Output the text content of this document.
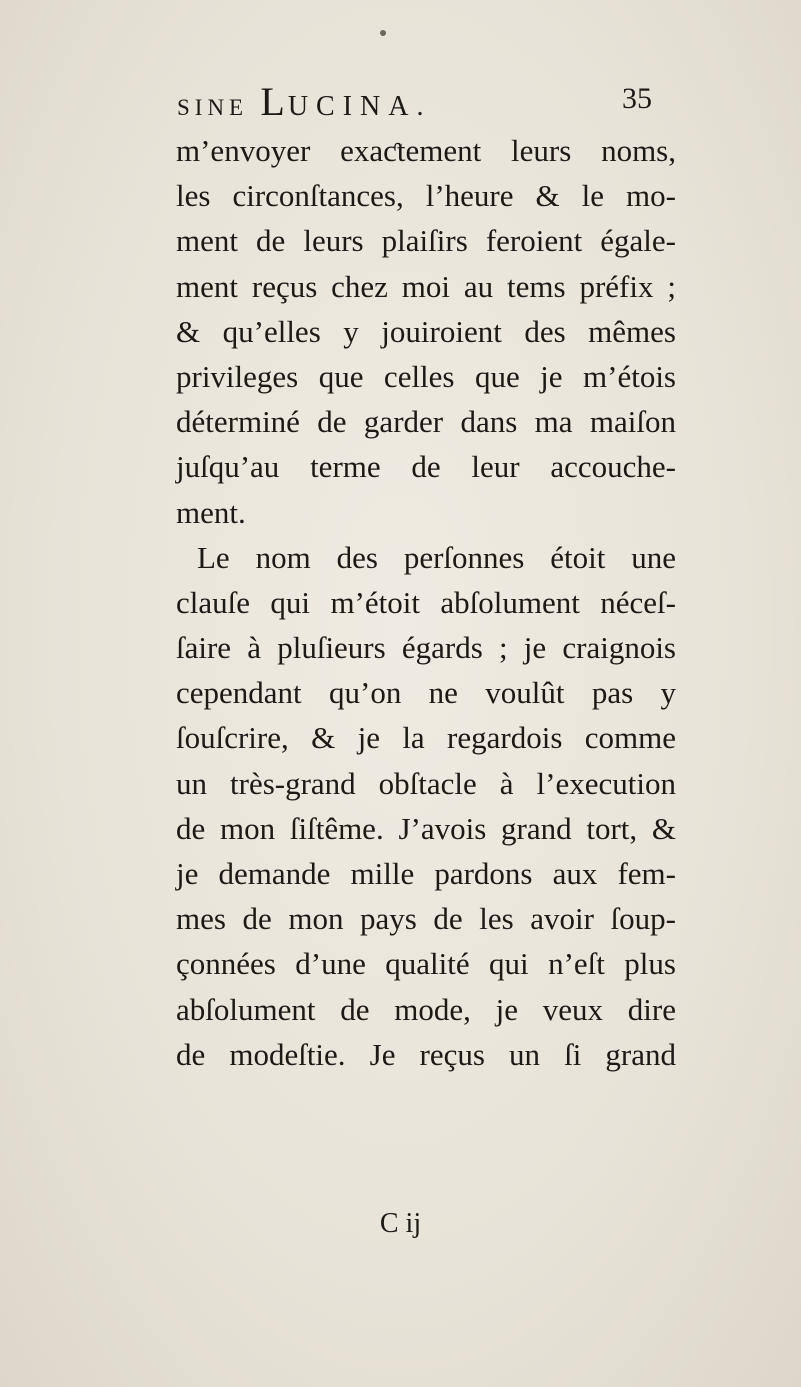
SINE LUCINA.	35
m’envoyer exaƈtement leurs noms,
les circonſtances, l’heure & le mo-
ment de leurs plaiſirs feroient égale-
ment reçus chez moi au tems préfix ;
& qu’elles y jouiroient des mêmes
privileges que celles que je m’étois
déterminé de garder dans ma maiſon
juſqu’au terme de leur accouche-
ment.
Le nom des perſonnes étoit une
clauſe qui m’étoit abſolument néceſ-
ſaire à pluſieurs égards ; je craignois
cependant qu’on ne voulût pas y
ſouſcrire, & je la regardois comme
un très-grand obſtacle à l’execution
de mon ſiſtême. J’avois grand tort, &
je demande mille pardons aux fem-
mes de mon pays de les avoir ſoup-
çonnées d’une qualité qui n’eſt plus
abſolument de mode, je veux dire
de modeſtie. Je reçus un ſi grand
C ij
